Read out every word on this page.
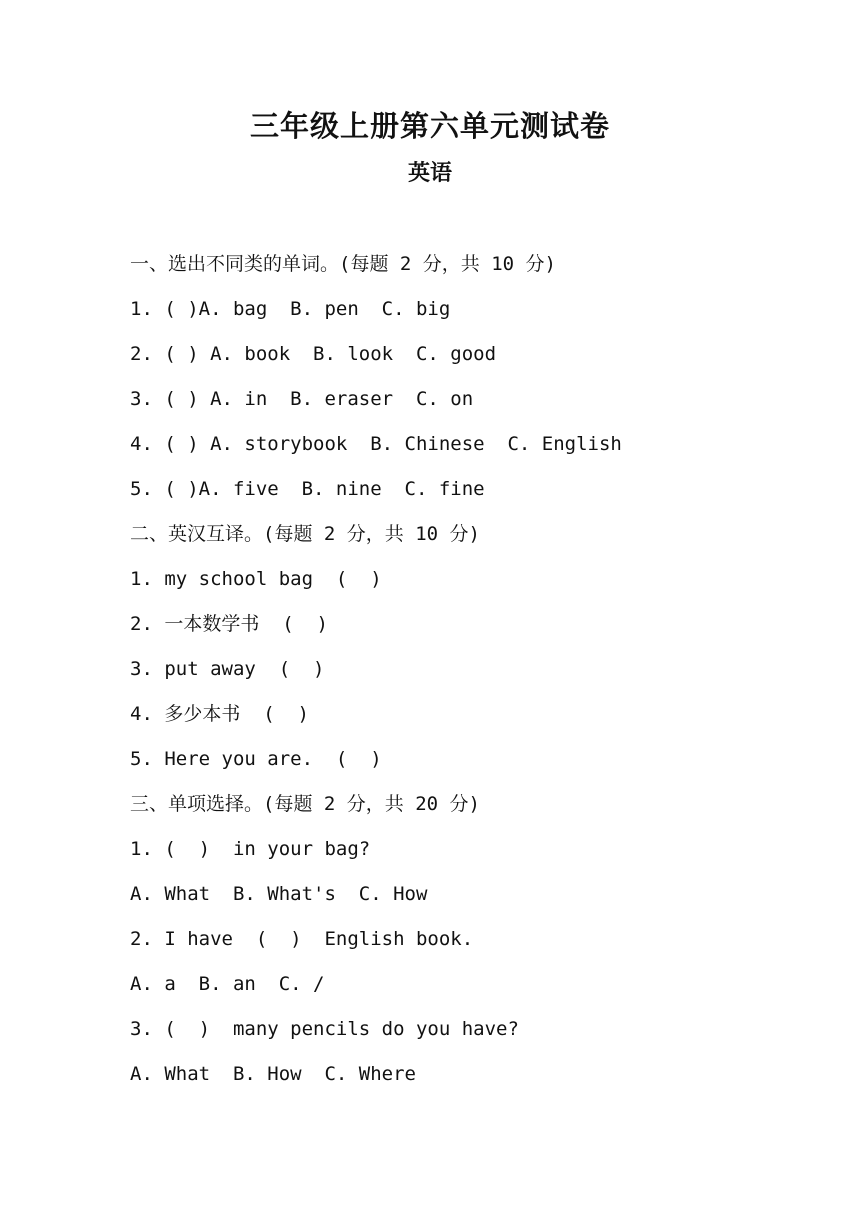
三年级上册第六单元测试卷
英语
一、选出不同类的单词。(每题 2 分，共 10 分)
1. ( )A. bag  B. pen  C. big
2. ( ) A. book  B. look  C. good
3. ( ) A. in  B. eraser  C. on
4. ( ) A. storybook  B. Chinese  C. English
5. ( )A. five  B. nine  C. fine
二、英汉互译。(每题 2 分，共 10 分)
1. my school bag  (  )
2. 一本数学书  (  )
3. put away  (  )
4. 多少本书  (  )
5. Here you are.  (  )
三、单项选择。(每题 2 分，共 20 分)
1. (  )  in your bag?
A. What  B. What's  C. How
2. I have  (  )  English book.
A. a  B. an  C. /
3. (  )  many pencils do you have?
A. What  B. How  C. Where
